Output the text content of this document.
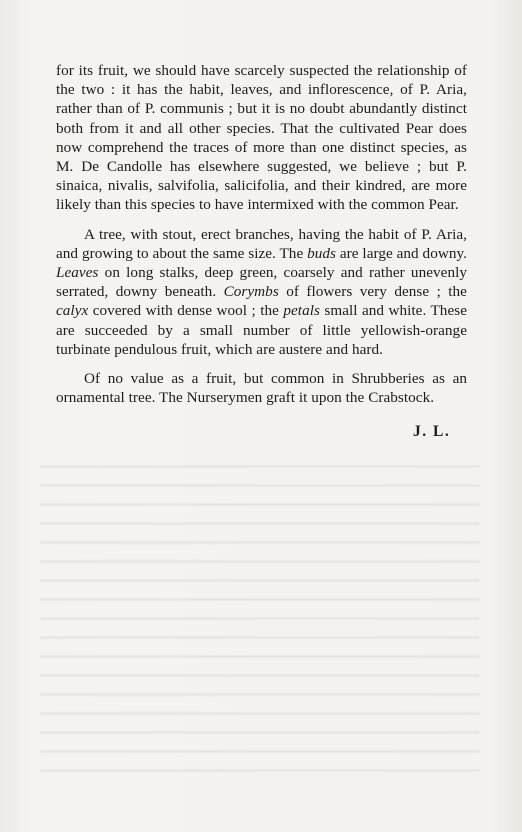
for its fruit, we should have scarcely suspected the relationship of the two : it has the habit, leaves, and inflorescence, of P. Aria, rather than of P. communis ; but it is no doubt abundantly distinct both from it and all other species. That the cultivated Pear does now comprehend the traces of more than one distinct species, as M. De Candolle has elsewhere suggested, we believe ; but P. sinaica, nivalis, salvifolia, salicifolia, and their kindred, are more likely than this species to have intermixed with the common Pear.

A tree, with stout, erect branches, having the habit of P. Aria, and growing to about the same size. The buds are large and downy. Leaves on long stalks, deep green, coarsely and rather unevenly serrated, downy beneath. Corymbs of flowers very dense ; the calyx covered with dense wool ; the petals small and white. These are succeeded by a small number of little yellowish-orange turbinate pendulous fruit, which are austere and hard.

Of no value as a fruit, but common in Shrubberies as an ornamental tree. The Nurserymen graft it upon the Crabstock.

J. L.
